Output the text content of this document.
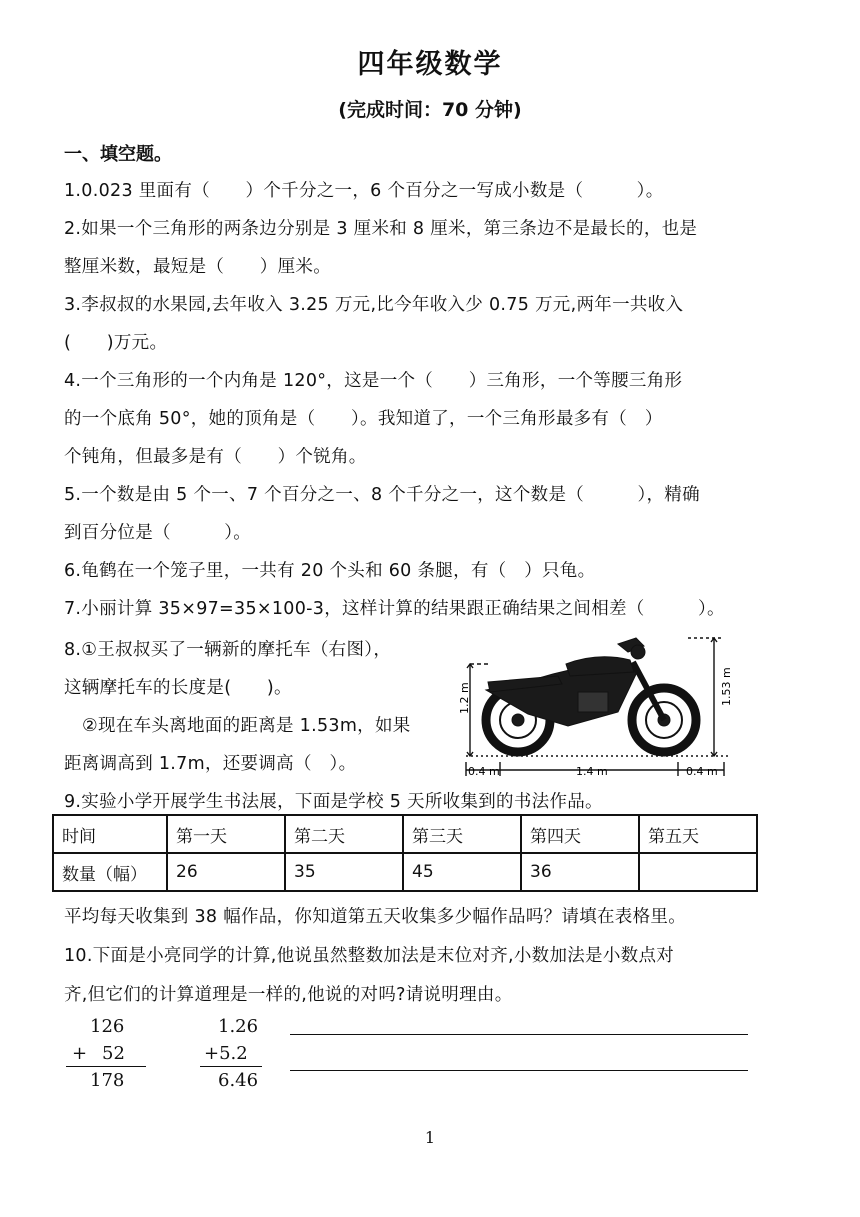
四年级数学
(完成时间：70 分钟)
一、填空题。
1.0.023 里面有（　　）个千分之一，6 个百分之一写成小数是（　　　）。
2.如果一个三角形的两条边分别是 3 厘米和 8 厘米，第三条边不是最长的，也是
整厘米数，最短是（　　）厘米。
3.李叔叔的水果园,去年收入 3.25 万元,比今年收入少 0.75 万元,两年一共收入
(　　)万元。
4.一个三角形的一个内角是 120°，这是一个（　　）三角形，一个等腰三角形
的一个底角 50°，她的顶角是（　　）。我知道了，一个三角形最多有（　）
个钝角，但最多是有（　　）个锐角。
5.一个数是由 5 个一、7 个百分之一、8 个千分之一，这个数是（　　　），精确
到百分位是（　　　）。
6.龟鹤在一个笼子里，一共有 20 个头和 60 条腿，有（　）只龟。
7.小丽计算 35×97=35×100-3，这样计算的结果跟正确结果之间相差（　　　）。
8.①王叔叔买了一辆新的摩托车（右图），
这辆摩托车的长度是(　　)。
②现在车头离地面的距离是 1.53m，如果
距离调高到 1.7m，还要调高（　）。
1.2 m	1.53 m
0.4 m	1.4 m	0.4 m
9.实验小学开展学生书法展，下面是学校 5 天所收集到的书法作品。
时间	第一天	第二天	第三天	第四天	第五天
数量（幅）	26	35	45	36	
平均每天收集到 38 幅作品，你知道第五天收集多少幅作品吗？请填在表格里。
10.下面是小亮同学的计算,他说虽然整数加法是末位对齐,小数加法是小数点对
齐,但它们的计算道理是一样的,他说的对吗?请说明理由。
126
+ 52
178
1.26
+5.2
6.46
1
